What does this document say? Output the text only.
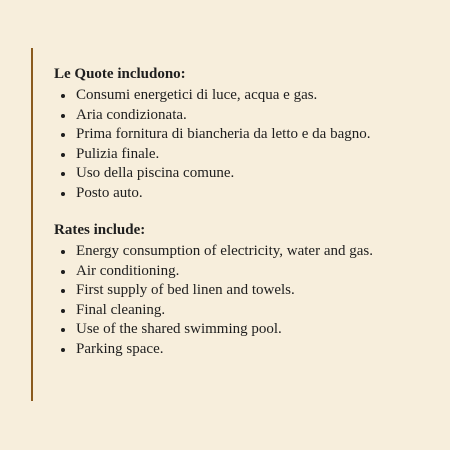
Le Quote includono:
Consumi energetici di luce, acqua e gas.
Aria condizionata.
Prima fornitura di biancheria da letto e da bagno.
Pulizia finale.
Uso della piscina comune.
Posto auto.
Rates include:
Energy consumption of electricity, water and gas.
Air conditioning.
First supply of bed linen and towels.
Final cleaning.
Use of the shared swimming pool.
Parking space.
